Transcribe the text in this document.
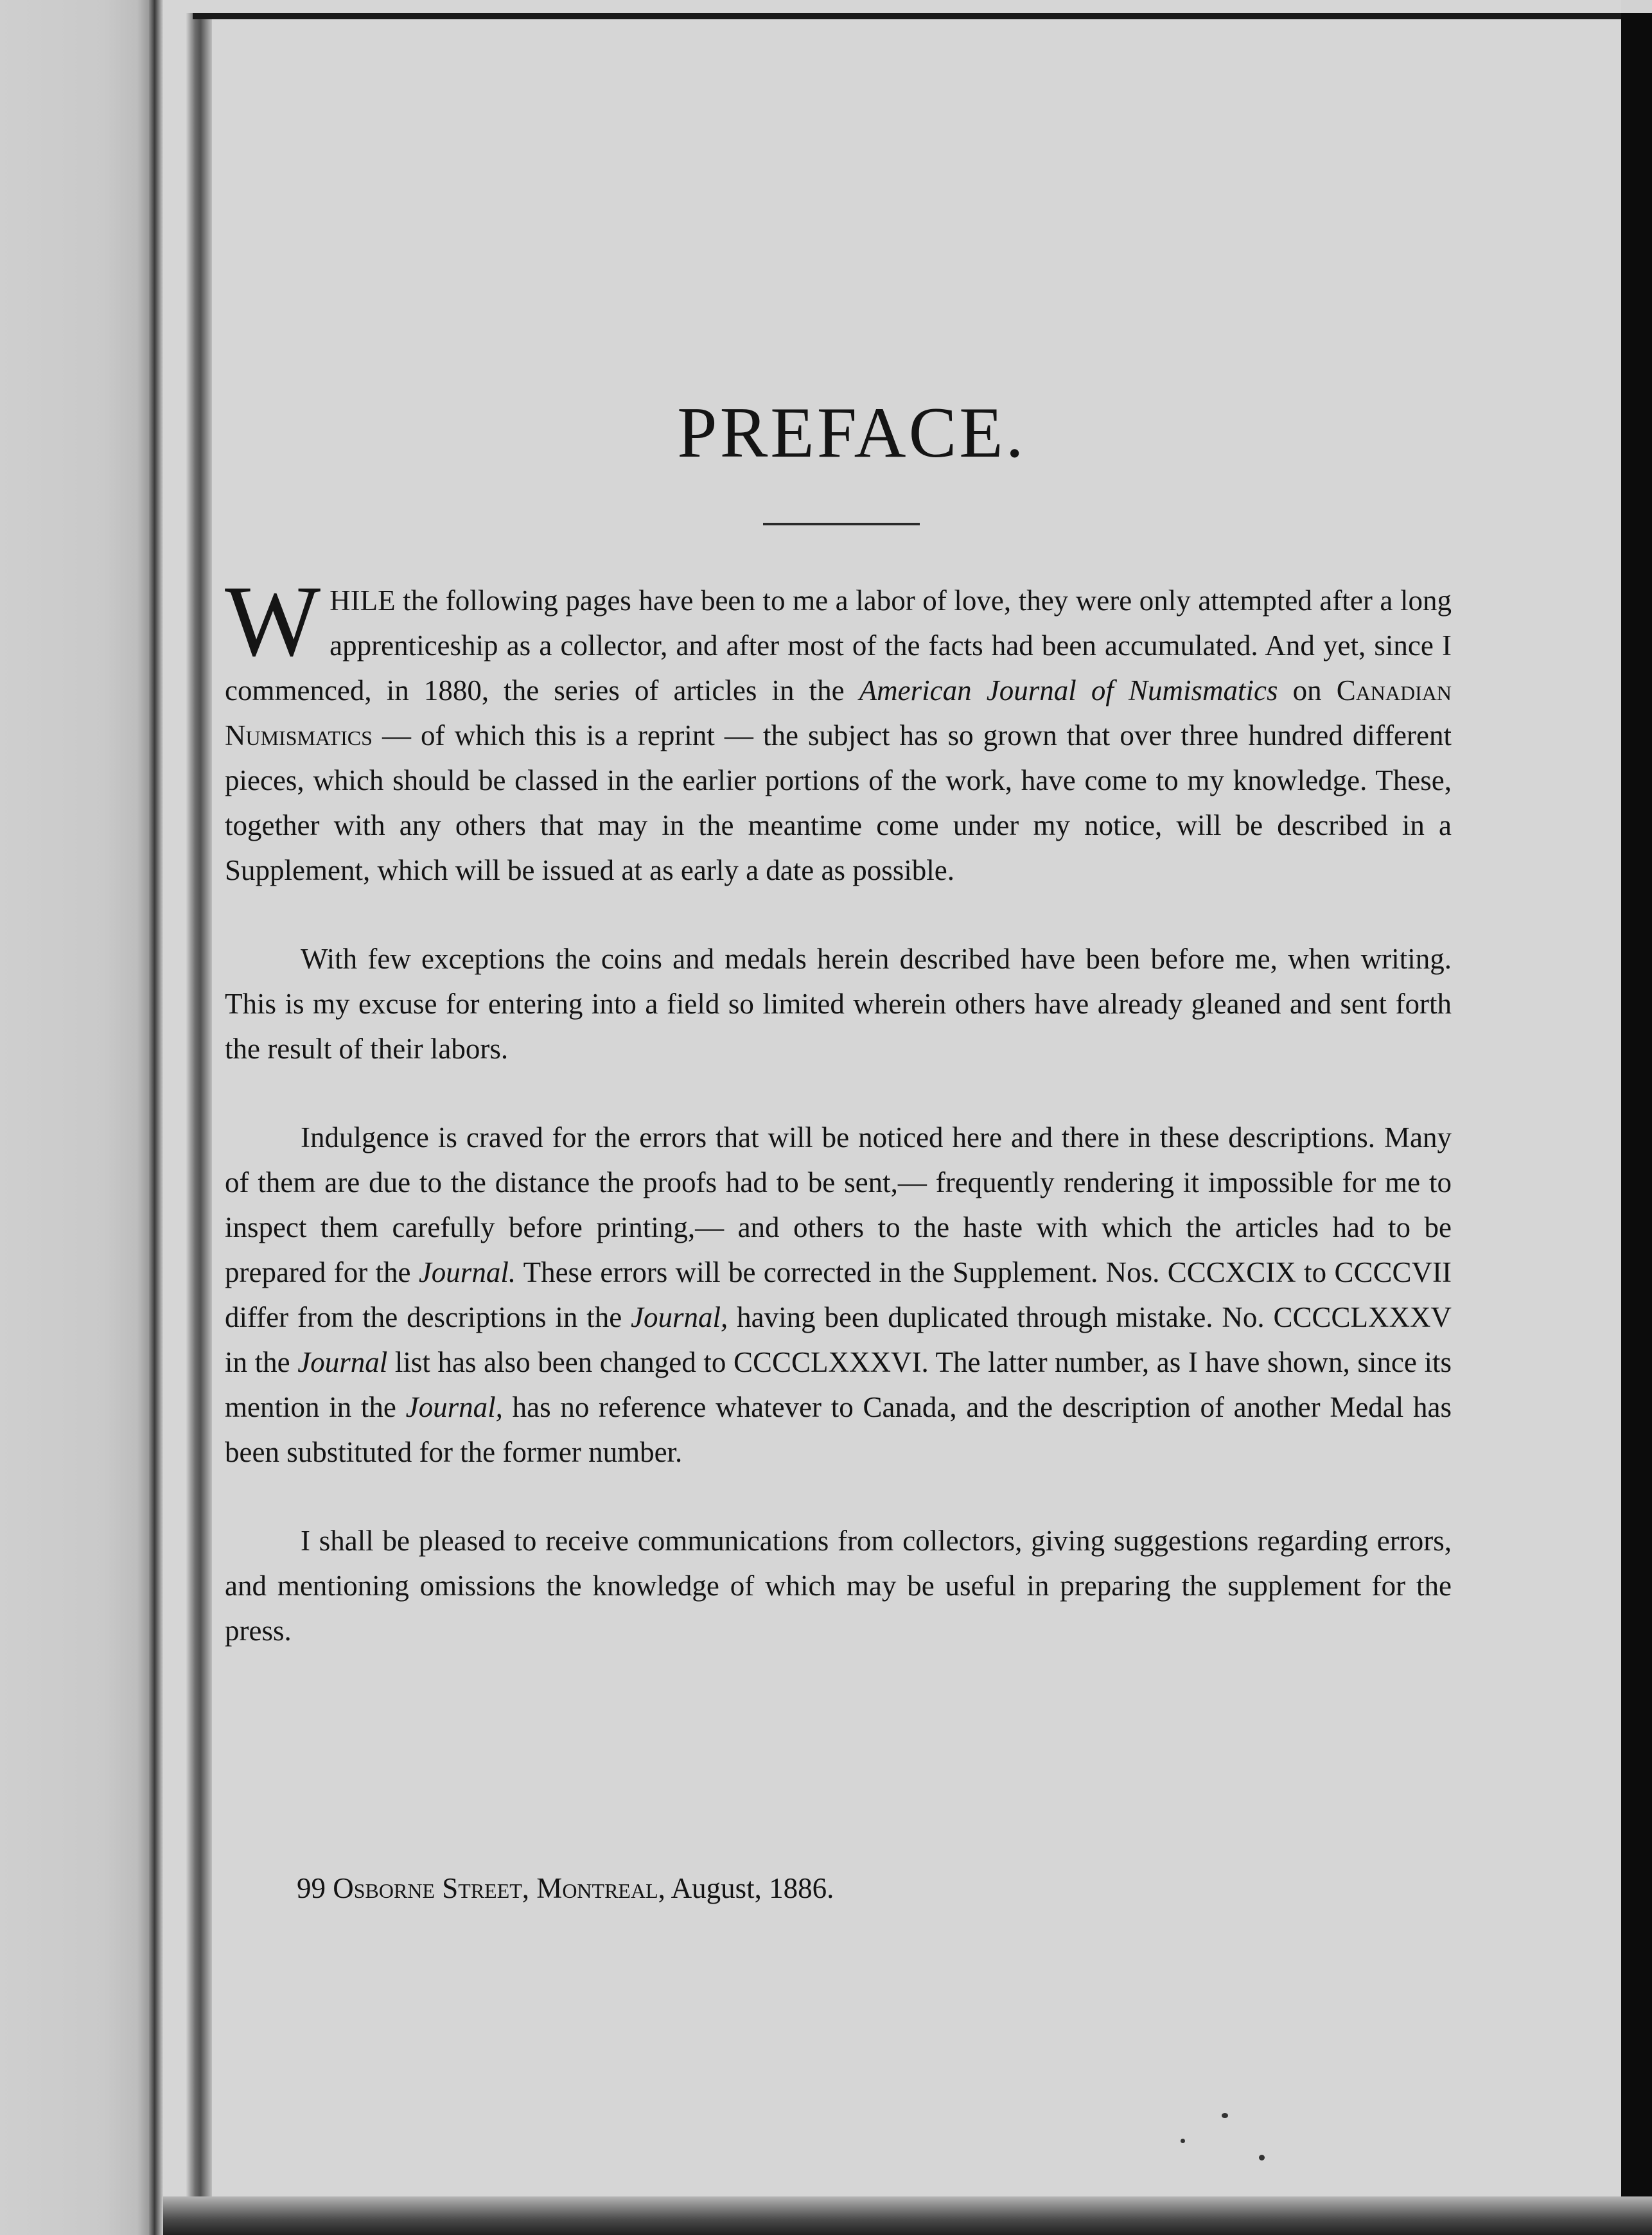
PREFACE.

WHILE the following pages have been to me a labor of love, they were only attempted after a long apprenticeship as a collector, and after most of the facts had been accumulated. And yet, since I commenced, in 1880, the series of articles in the American Journal of Numismatics on Canadian Numismatics — of which this is a reprint — the subject has so grown that over three hundred different pieces, which should be classed in the earlier portions of the work, have come to my knowledge. These, together with any others that may in the meantime come under my notice, will be described in a Supplement, which will be issued at as early a date as possible.

With few exceptions the coins and medals herein described have been before me, when writing. This is my excuse for entering into a field so limited wherein others have already gleaned and sent forth the result of their labors.

Indulgence is craved for the errors that will be noticed here and there in these descriptions. Many of them are due to the distance the proofs had to be sent,— frequently rendering it impossible for me to inspect them carefully before printing,— and others to the haste with which the articles had to be prepared for the Journal. These errors will be corrected in the Supplement. Nos. CCCXCIX to CCCCVII differ from the descriptions in the Journal, having been duplicated through mistake. No. CCCCLXXXV in the Journal list has also been changed to CCCCLXXXVI. The latter number, as I have shown, since its mention in the Journal, has no reference whatever to Canada, and the description of another Medal has been substituted for the former number.

I shall be pleased to receive communications from collectors, giving suggestions regarding errors, and mentioning omissions the knowledge of which may be useful in preparing the supplement for the press.

99 Osborne Street, Montreal, August, 1886.
